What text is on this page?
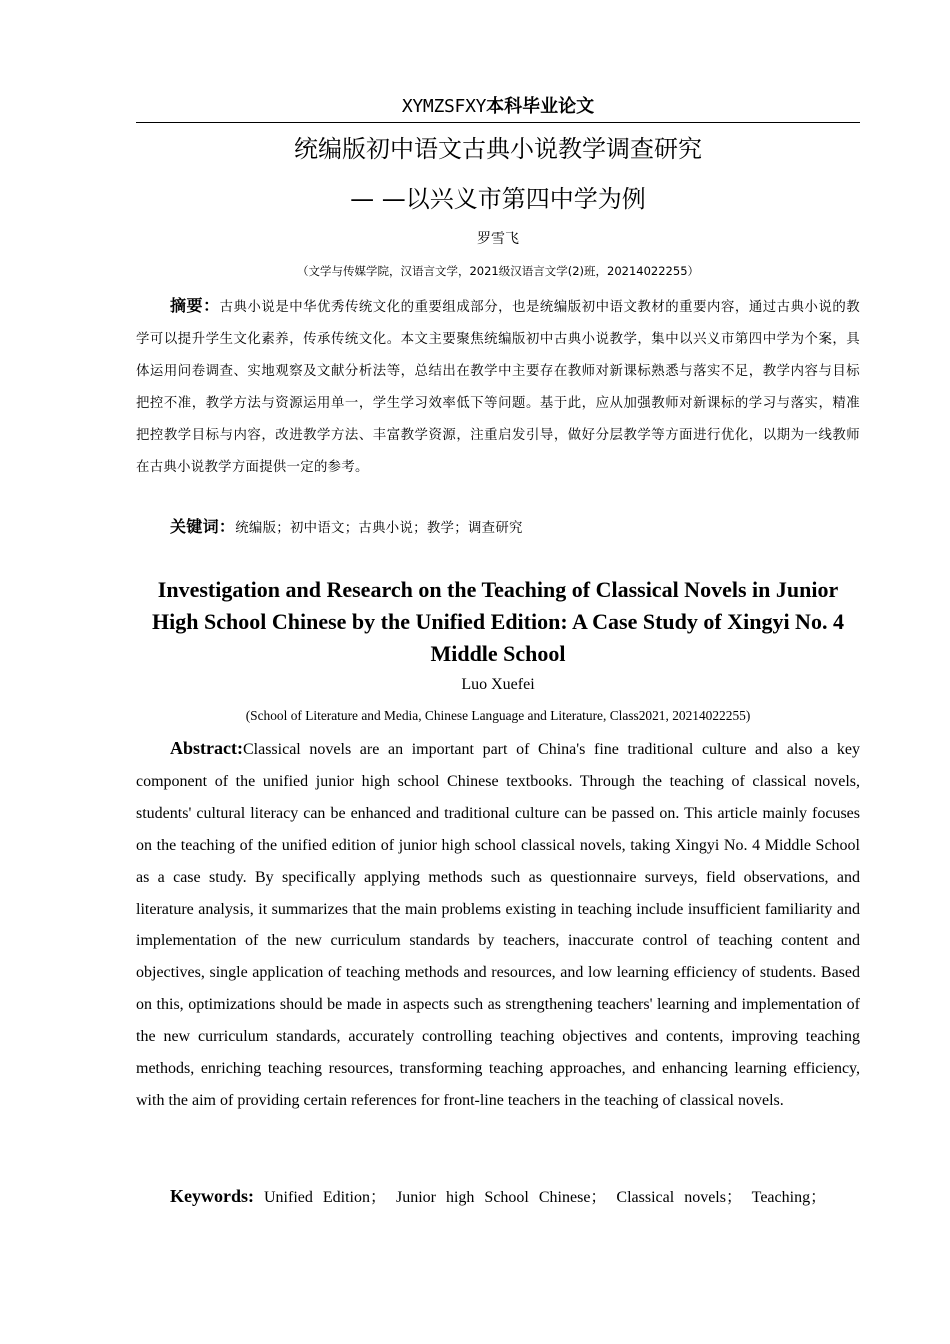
XYMZSFXY本科毕业论文
统编版初中语文古典小说教学调查研究
— —以兴义市第四中学为例
罗雪飞
（文学与传媒学院，汉语言文学，2021级汉语言文学(2)班，20214022255）
摘要：古典小说是中华优秀传统文化的重要组成部分，也是统编版初中语文教材的重要内容，通过古典小说的教学可以提升学生文化素养，传承传统文化。本文主要聚焦统编版初中古典小说教学，集中以兴义市第四中学为个案，具体运用问卷调查、实地观察及文献分析法等，总结出在教学中主要存在教师对新课标熟悉与落实不足，教学内容与目标把控不准，教学方法与资源运用单一，学生学习效率低下等问题。基于此，应从加强教师对新课标的学习与落实，精准把控教学目标与内容，改进教学方法、丰富教学资源，注重启发引导，做好分层教学等方面进行优化，以期为一线教师在古典小说教学方面提供一定的参考。
关键词：统编版；初中语文；古典小说；教学；调查研究
Investigation and Research on the Teaching of Classical Novels in Junior High School Chinese by the Unified Edition: A Case Study of Xingyi No. 4 Middle School
Luo Xuefei
(School of Literature and Media, Chinese Language and Literature, Class2021, 20214022255)
Abstract:Classical novels are an important part of China's fine traditional culture and also a key component of the unified junior high school Chinese textbooks. Through the teaching of classical novels, students' cultural literacy can be enhanced and traditional culture can be passed on. This article mainly focuses on the teaching of the unified edition of junior high school classical novels, taking Xingyi No. 4 Middle School as a case study. By specifically applying methods such as questionnaire surveys, field observations, and literature analysis, it summarizes that the main problems existing in teaching include insufficient familiarity and implementation of the new curriculum standards by teachers, inaccurate control of teaching content and objectives, single application of teaching methods and resources, and low learning efficiency of students. Based on this, optimizations should be made in aspects such as strengthening teachers' learning and implementation of the new curriculum standards, accurately controlling teaching objectives and contents, improving teaching methods, enriching teaching resources, transforming teaching approaches, and enhancing learning efficiency, with the aim of providing certain references for front-line teachers in the teaching of classical novels.
Keywords: Unified Edition； Junior high School Chinese； Classical novels； Teaching；
